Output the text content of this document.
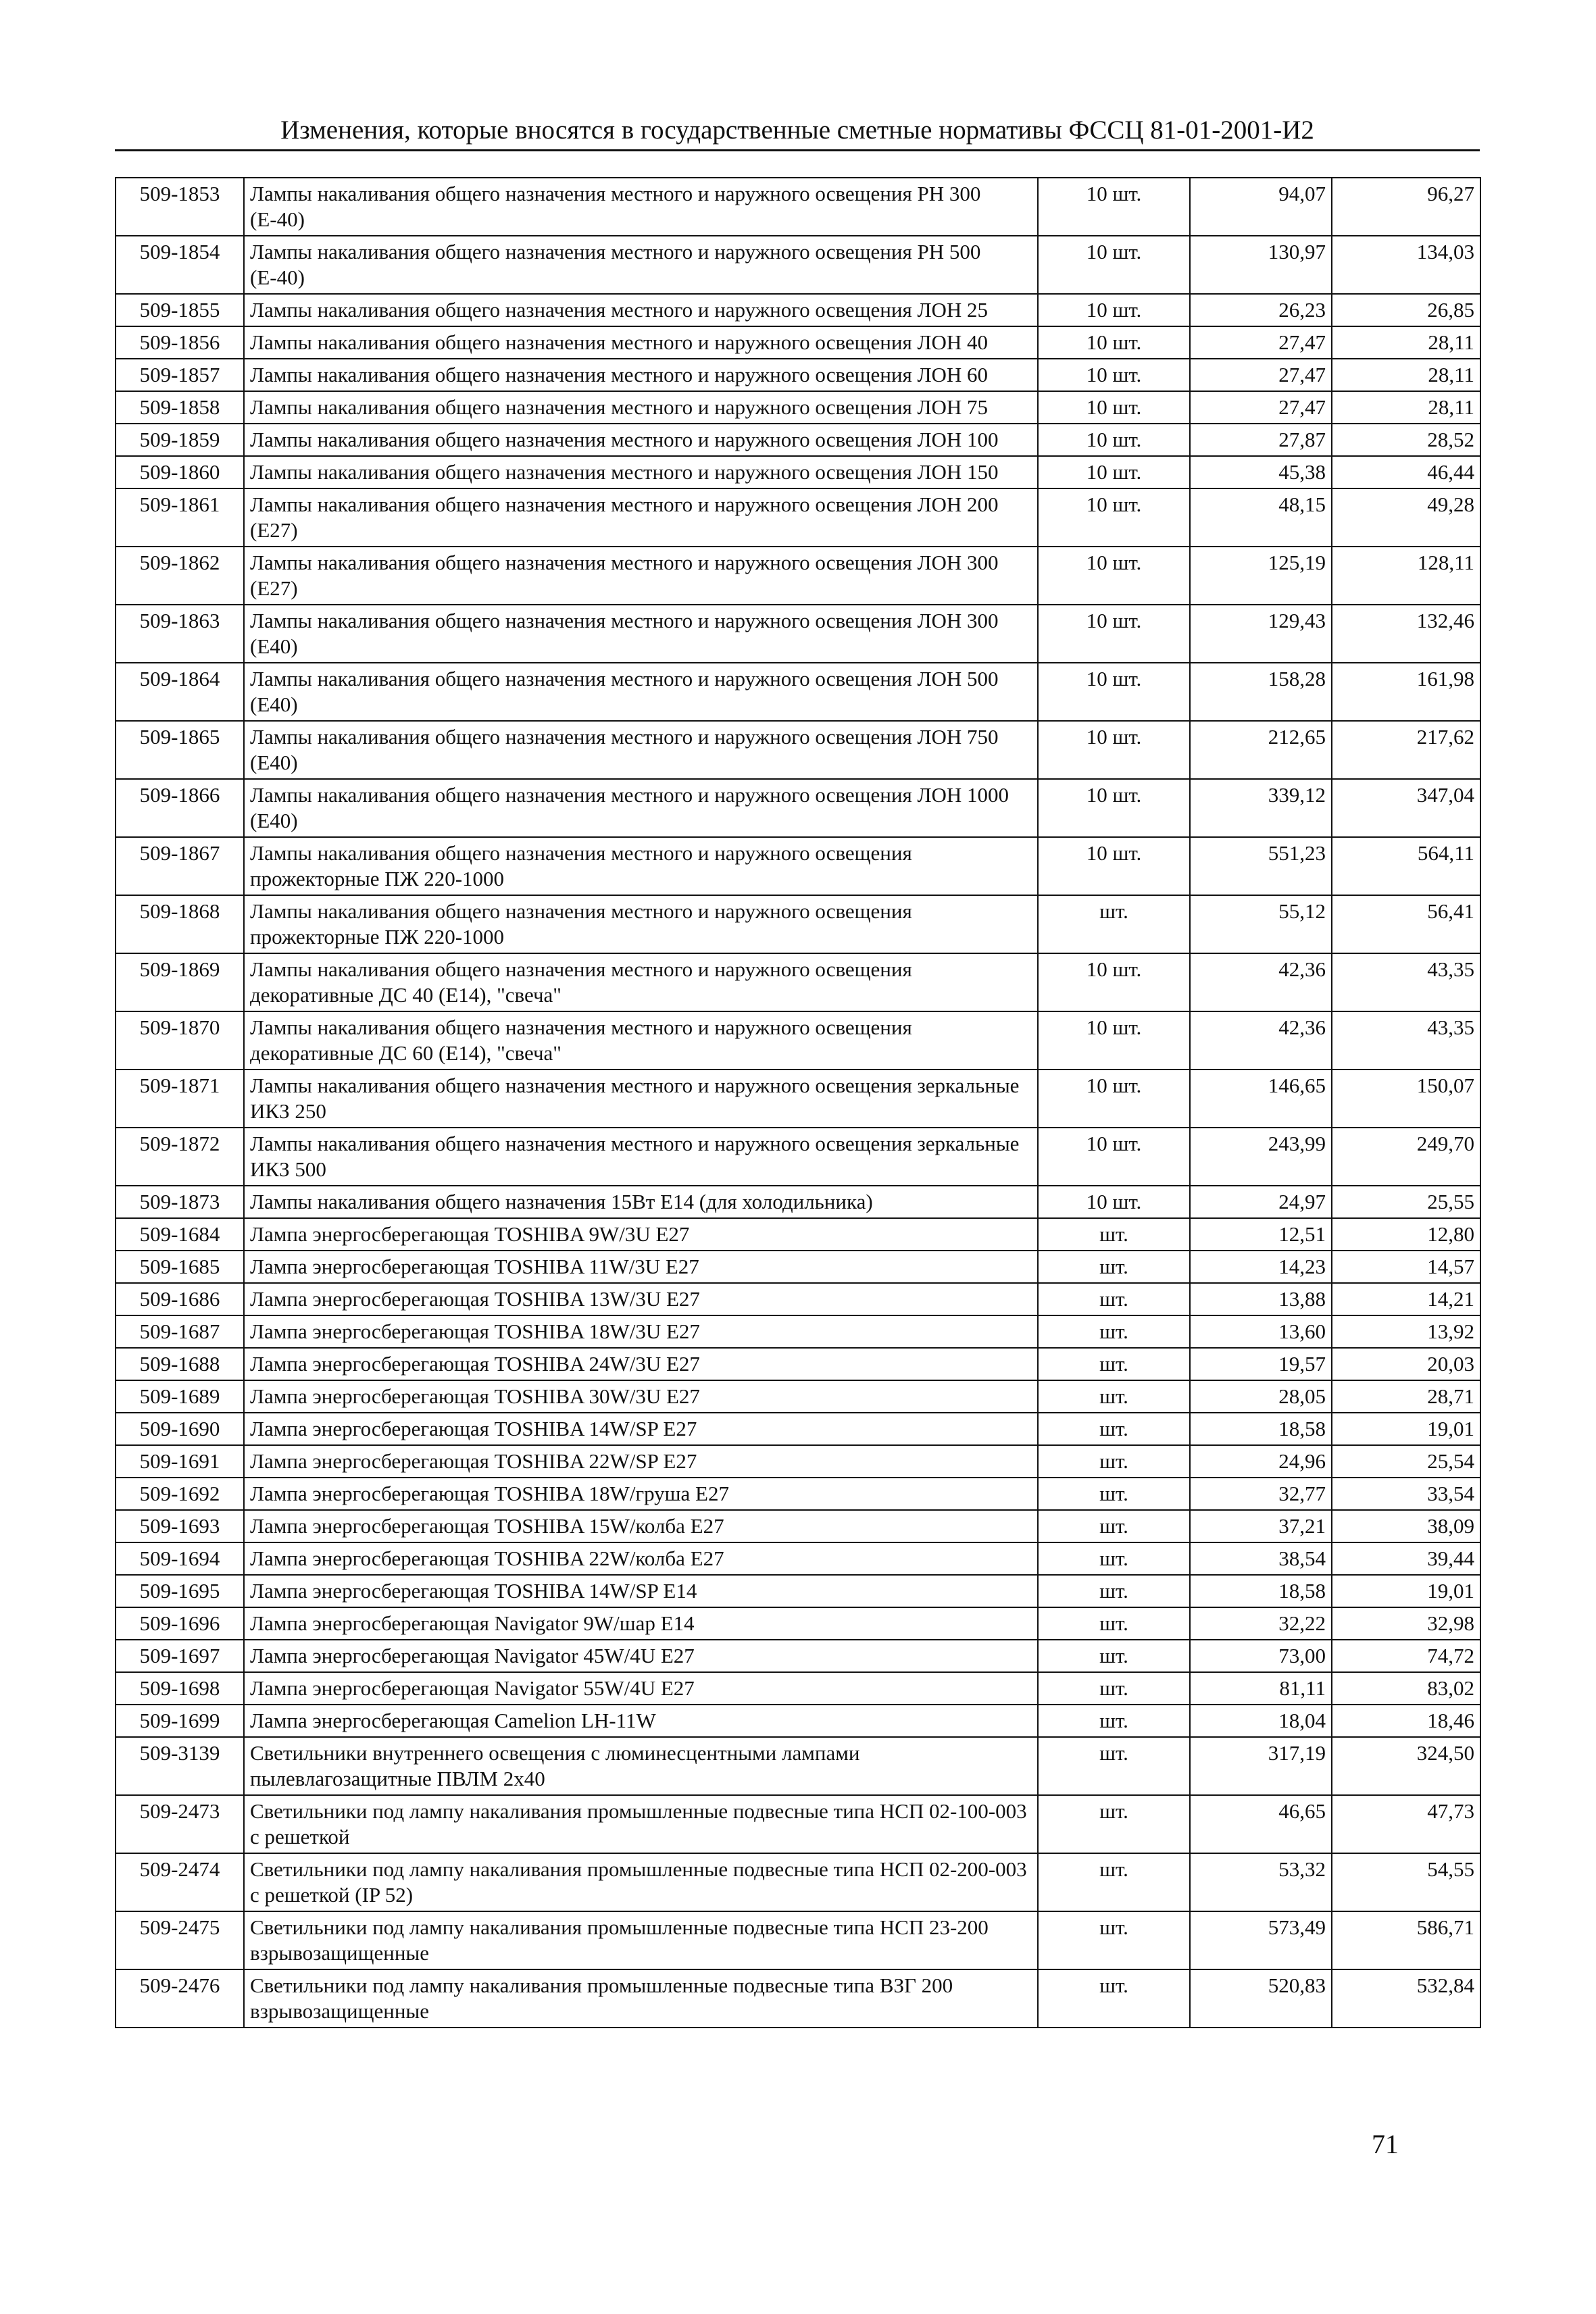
Изменения, которые вносятся в государственные сметные нормативы ФССЦ 81-01-2001-И2
509-1853	Лампы накаливания общего назначения местного и наружного освещения РН 300 (Е-40)	10 шт.	94,07	96,27
509-1854	Лампы накаливания общего назначения местного и наружного освещения РН 500 (Е-40)	10 шт.	130,97	134,03
509-1855	Лампы накаливания общего назначения местного и наружного освещения ЛОН 25	10 шт.	26,23	26,85
509-1856	Лампы накаливания общего назначения местного и наружного освещения ЛОН 40	10 шт.	27,47	28,11
509-1857	Лампы накаливания общего назначения местного и наружного освещения ЛОН 60	10 шт.	27,47	28,11
509-1858	Лампы накаливания общего назначения местного и наружного освещения ЛОН 75	10 шт.	27,47	28,11
509-1859	Лампы накаливания общего назначения местного и наружного освещения ЛОН 100	10 шт.	27,87	28,52
509-1860	Лампы накаливания общего назначения местного и наружного освещения ЛОН 150	10 шт.	45,38	46,44
509-1861	Лампы накаливания общего назначения местного и наружного освещения ЛОН 200 (Е27)	10 шт.	48,15	49,28
509-1862	Лампы накаливания общего назначения местного и наружного освещения ЛОН 300 (Е27)	10 шт.	125,19	128,11
509-1863	Лампы накаливания общего назначения местного и наружного освещения ЛОН 300 (Е40)	10 шт.	129,43	132,46
509-1864	Лампы накаливания общего назначения местного и наружного освещения ЛОН 500 (Е40)	10 шт.	158,28	161,98
509-1865	Лампы накаливания общего назначения местного и наружного освещения ЛОН 750 (Е40)	10 шт.	212,65	217,62
509-1866	Лампы накаливания общего назначения местного и наружного освещения ЛОН 1000 (Е40)	10 шт.	339,12	347,04
509-1867	Лампы накаливания общего назначения местного и наружного освещения прожекторные ПЖ 220-1000	10 шт.	551,23	564,11
509-1868	Лампы накаливания общего назначения местного и наружного освещения прожекторные ПЖ 220-1000	шт.	55,12	56,41
509-1869	Лампы накаливания общего назначения местного и наружного освещения декоративные ДС 40 (Е14), "свеча"	10 шт.	42,36	43,35
509-1870	Лампы накаливания общего назначения местного и наружного освещения декоративные ДС 60 (Е14), "свеча"	10 шт.	42,36	43,35
509-1871	Лампы накаливания общего назначения местного и наружного освещения зеркальные ИКЗ 250	10 шт.	146,65	150,07
509-1872	Лампы накаливания общего назначения местного и наружного освещения зеркальные ИКЗ 500	10 шт.	243,99	249,70
509-1873	Лампы накаливания общего назначения 15Вт Е14 (для холодильника)	10 шт.	24,97	25,55
509-1684	Лампа энергосберегающая TOSHIBA 9W/3U E27	шт.	12,51	12,80
509-1685	Лампа энергосберегающая TOSHIBA 11W/3U E27	шт.	14,23	14,57
509-1686	Лампа энергосберегающая TOSHIBA 13W/3U E27	шт.	13,88	14,21
509-1687	Лампа энергосберегающая TOSHIBA 18W/3U E27	шт.	13,60	13,92
509-1688	Лампа энергосберегающая TOSHIBA 24W/3U E27	шт.	19,57	20,03
509-1689	Лампа энергосберегающая TOSHIBA 30W/3U E27	шт.	28,05	28,71
509-1690	Лампа энергосберегающая TOSHIBA 14W/SP E27	шт.	18,58	19,01
509-1691	Лампа энергосберегающая TOSHIBA 22W/SP E27	шт.	24,96	25,54
509-1692	Лампа энергосберегающая TOSHIBA 18W/груша E27	шт.	32,77	33,54
509-1693	Лампа энергосберегающая TOSHIBA 15W/колба E27	шт.	37,21	38,09
509-1694	Лампа энергосберегающая TOSHIBA 22W/колба E27	шт.	38,54	39,44
509-1695	Лампа энергосберегающая TOSHIBA 14W/SP E14	шт.	18,58	19,01
509-1696	Лампа энергосберегающая Navigator 9W/шар E14	шт.	32,22	32,98
509-1697	Лампа энергосберегающая Navigator 45W/4U E27	шт.	73,00	74,72
509-1698	Лампа энергосберегающая Navigator 55W/4U E27	шт.	81,11	83,02
509-1699	Лампа энергосберегающая Camelion LH-11W	шт.	18,04	18,46
509-3139	Светильники внутреннего освещения с люминесцентными лампами пылевлагозащитные ПВЛМ 2х40	шт.	317,19	324,50
509-2473	Светильники под лампу накаливания промышленные подвесные типа НСП 02-100-003 с решеткой	шт.	46,65	47,73
509-2474	Светильники под лампу накаливания промышленные подвесные типа НСП 02-200-003 с решеткой (IP 52)	шт.	53,32	54,55
509-2475	Светильники под лампу накаливания промышленные подвесные типа НСП 23-200 взрывозащищенные	шт.	573,49	586,71
509-2476	Светильники под лампу накаливания промышленные подвесные типа ВЗГ 200 взрывозащищенные	шт.	520,83	532,84
71
